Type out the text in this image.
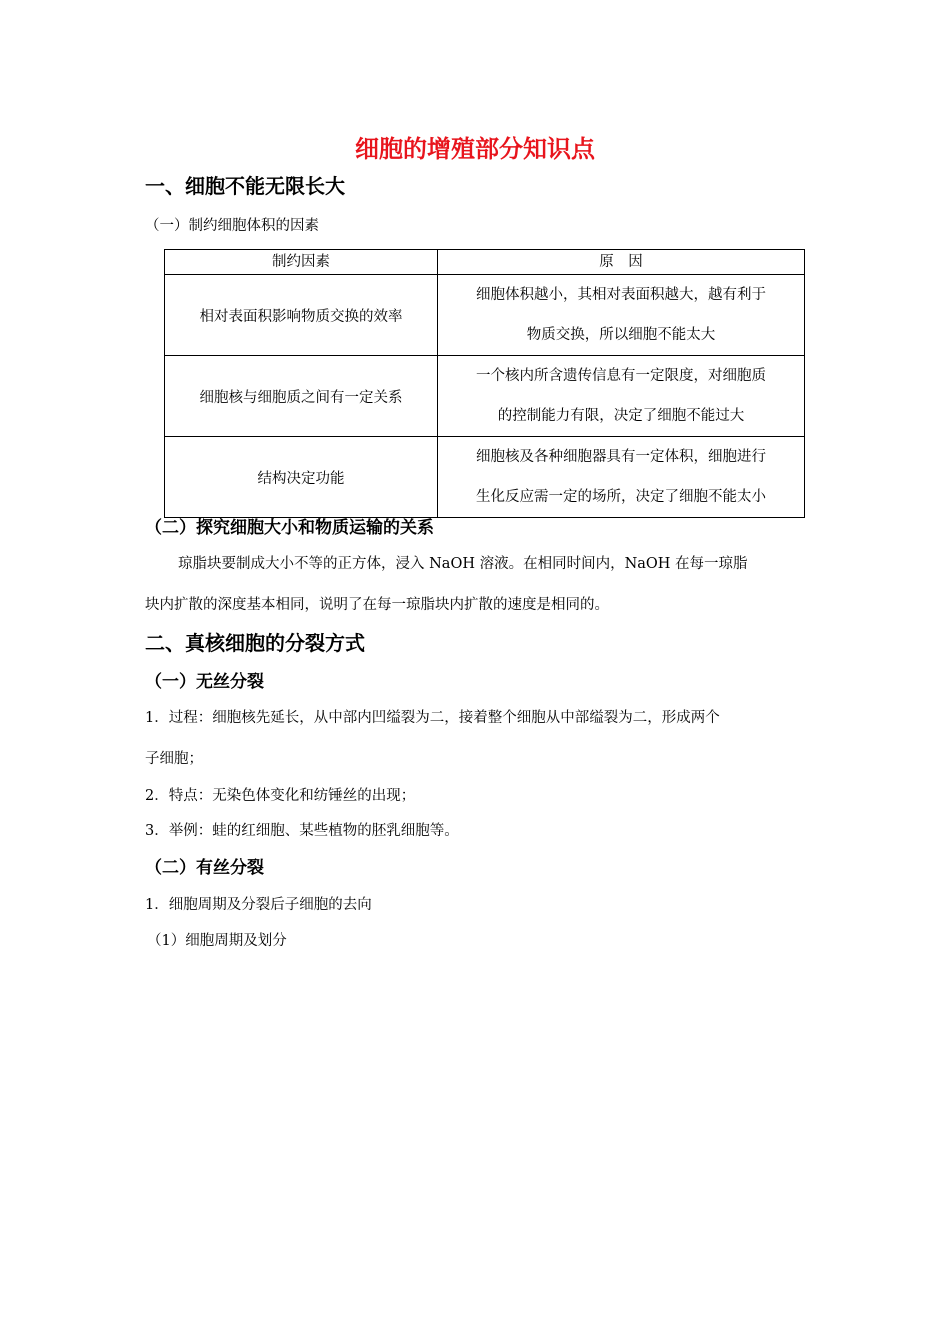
细胞的增殖部分知识点
一、细胞不能无限长大
（一）制约细胞体积的因素
制约因素	原　因
相对表面积影响物质交换的效率	细胞体积越小，其相对表面积越大，越有利于
物质交换，所以细胞不能太大

细胞核与细胞质之间有一定关系	一个核内所含遗传信息有一定限度，对细胞质
的控制能力有限，决定了细胞不能过大

结构决定功能	细胞核及各种细胞器具有一定体积，细胞进行
生化反应需一定的场所，决定了细胞不能太小
（二）探究细胞大小和物质运输的关系
琼脂块要制成大小不等的正方体，浸入 NaOH 溶液。在相同时间内，NaOH 在每一琼脂
块内扩散的深度基本相同，说明了在每一琼脂块内扩散的速度是相同的。
二、真核细胞的分裂方式
（一）无丝分裂
1．过程：细胞核先延长，从中部内凹缢裂为二，接着整个细胞从中部缢裂为二，形成两个
子细胞；
2．特点：无染色体变化和纺锤丝的出现；
3．举例：蛙的红细胞、某些植物的胚乳细胞等。
（二）有丝分裂
1．细胞周期及分裂后子细胞的去向
（1）细胞周期及划分
